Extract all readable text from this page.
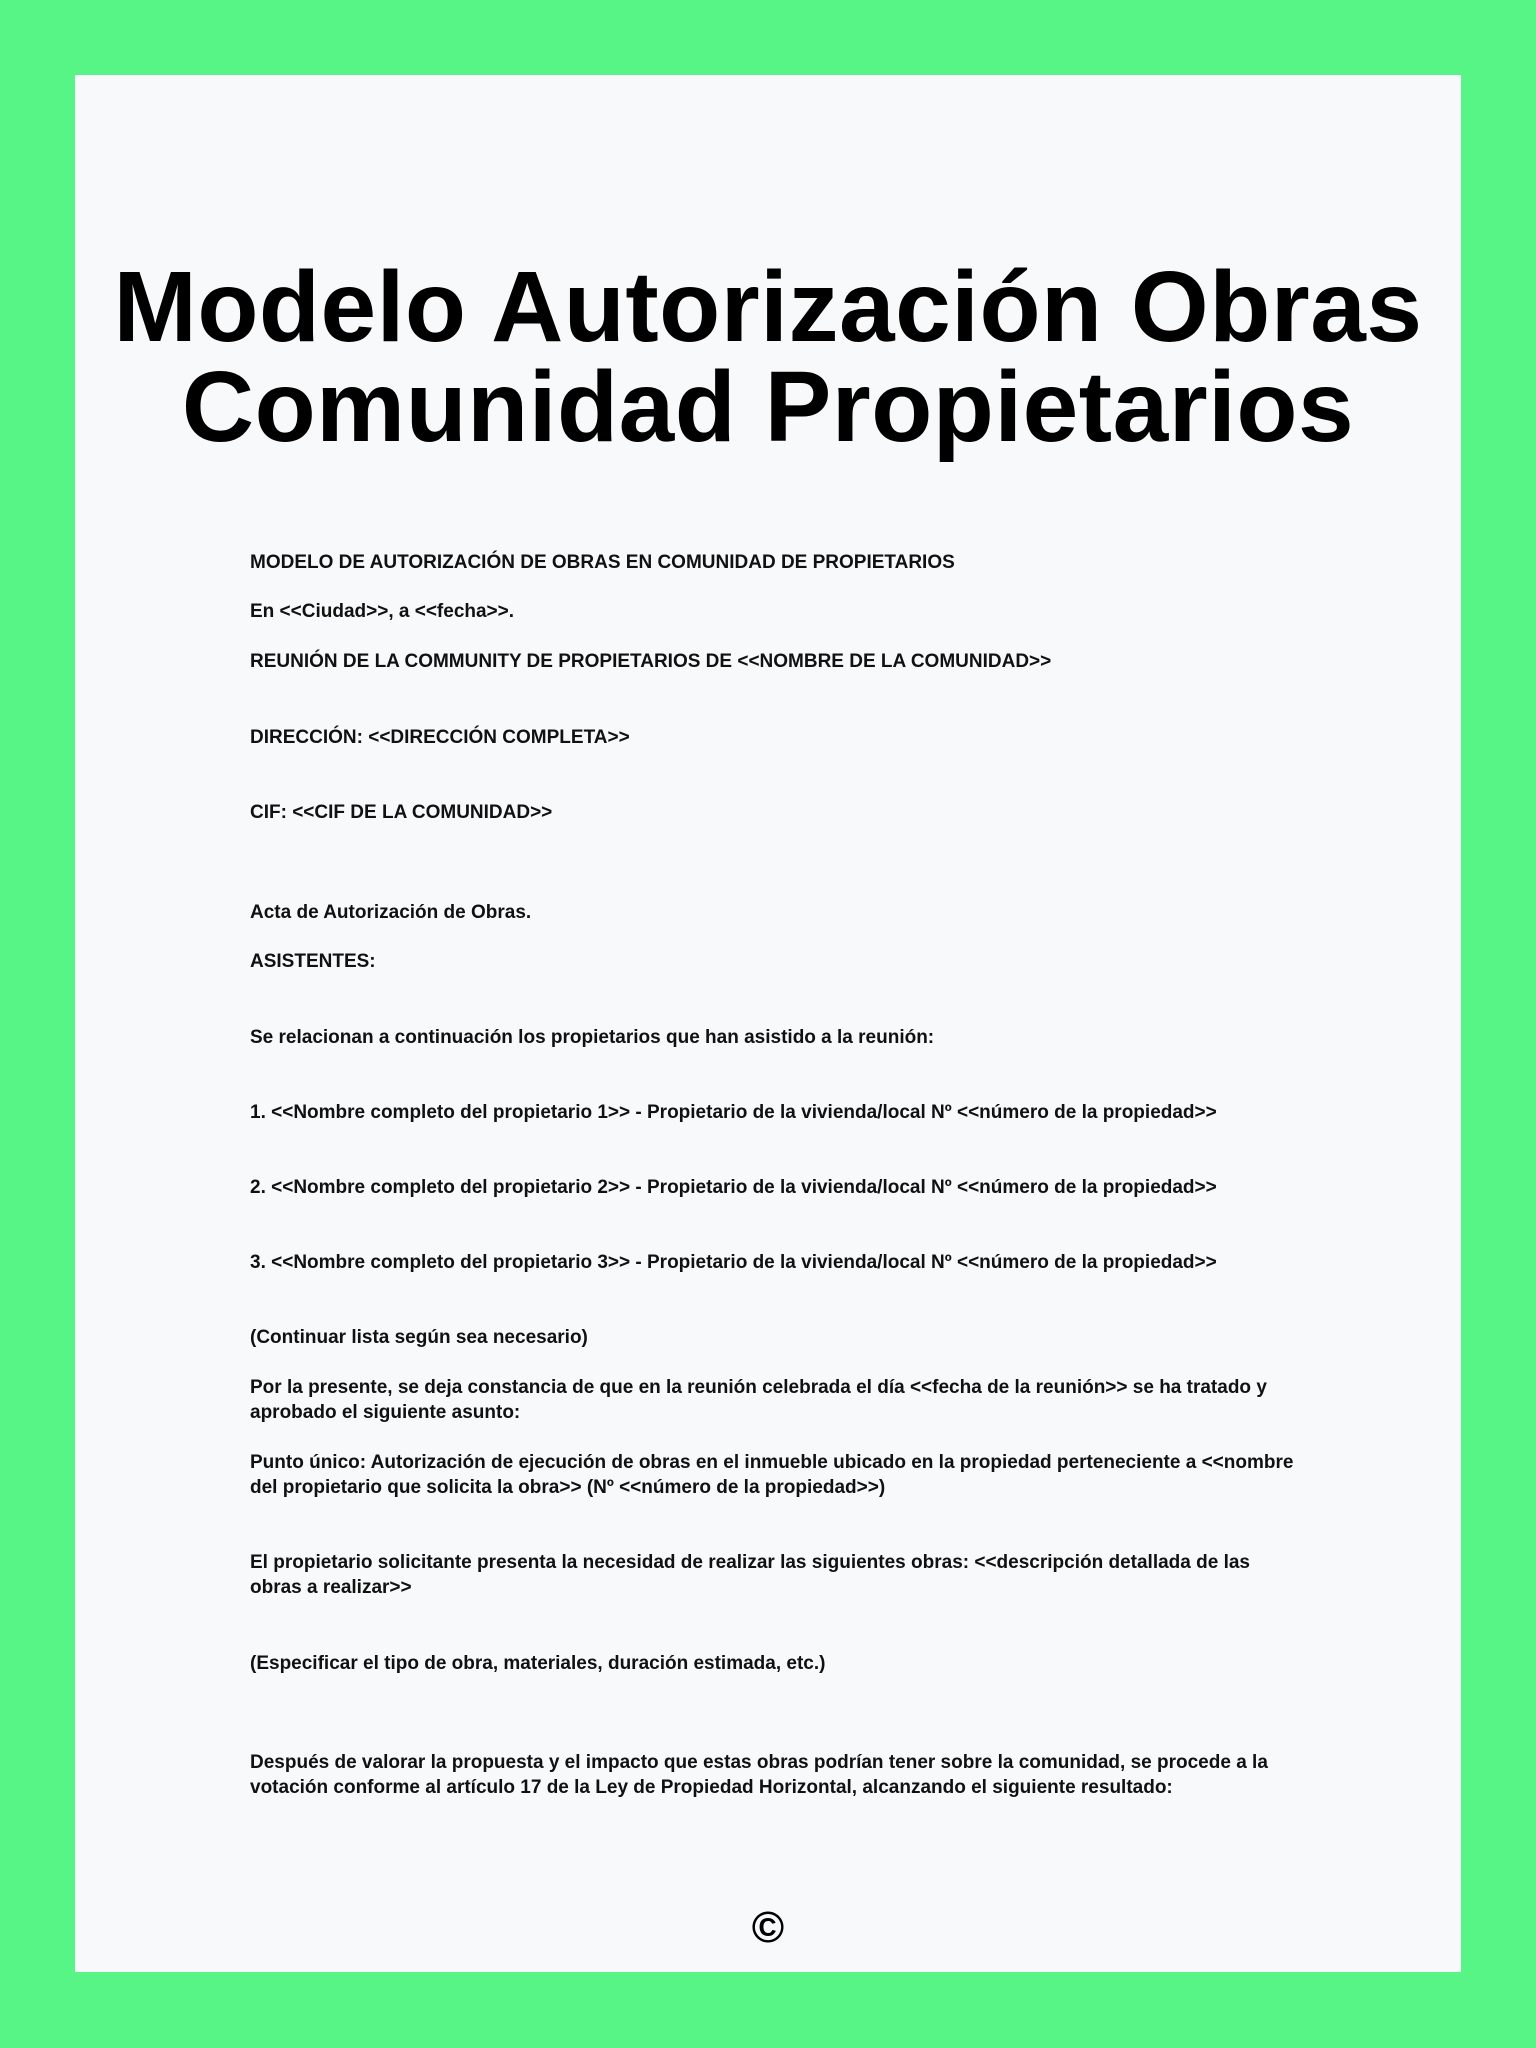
Modelo Autorización Obras
Comunidad Propietarios
MODELO DE AUTORIZACIÓN DE OBRAS EN COMUNIDAD DE PROPIETARIOS
En <<Ciudad>>, a <<fecha>>.
REUNIÓN DE LA COMMUNITY DE PROPIETARIOS DE <<NOMBRE DE LA COMUNIDAD>>
DIRECCIÓN: <<DIRECCIÓN COMPLETA>>
CIF: <<CIF DE LA COMUNIDAD>>
Acta de Autorización de Obras.
ASISTENTES:
Se relacionan a continuación los propietarios que han asistido a la reunión:
1. <<Nombre completo del propietario 1>> - Propietario de la vivienda/local Nº <<número de la propiedad>>
2. <<Nombre completo del propietario 2>> - Propietario de la vivienda/local Nº <<número de la propiedad>>
3. <<Nombre completo del propietario 3>> - Propietario de la vivienda/local Nº <<número de la propiedad>>
(Continuar lista según sea necesario)
Por la presente, se deja constancia de que en la reunión celebrada el día <<fecha de la reunión>> se ha tratado y aprobado el siguiente asunto:
Punto único: Autorización de ejecución de obras en el inmueble ubicado en la propiedad perteneciente a <<nombre del propietario que solicita la obra>> (Nº <<número de la propiedad>>)
El propietario solicitante presenta la necesidad de realizar las siguientes obras: <<descripción detallada de las obras a realizar>>
(Especificar el tipo de obra, materiales, duración estimada, etc.)
Después de valorar la propuesta y el impacto que estas obras podrían tener sobre la comunidad, se procede a la votación conforme al artículo 17 de la Ley de Propiedad Horizontal, alcanzando el siguiente resultado:
©
